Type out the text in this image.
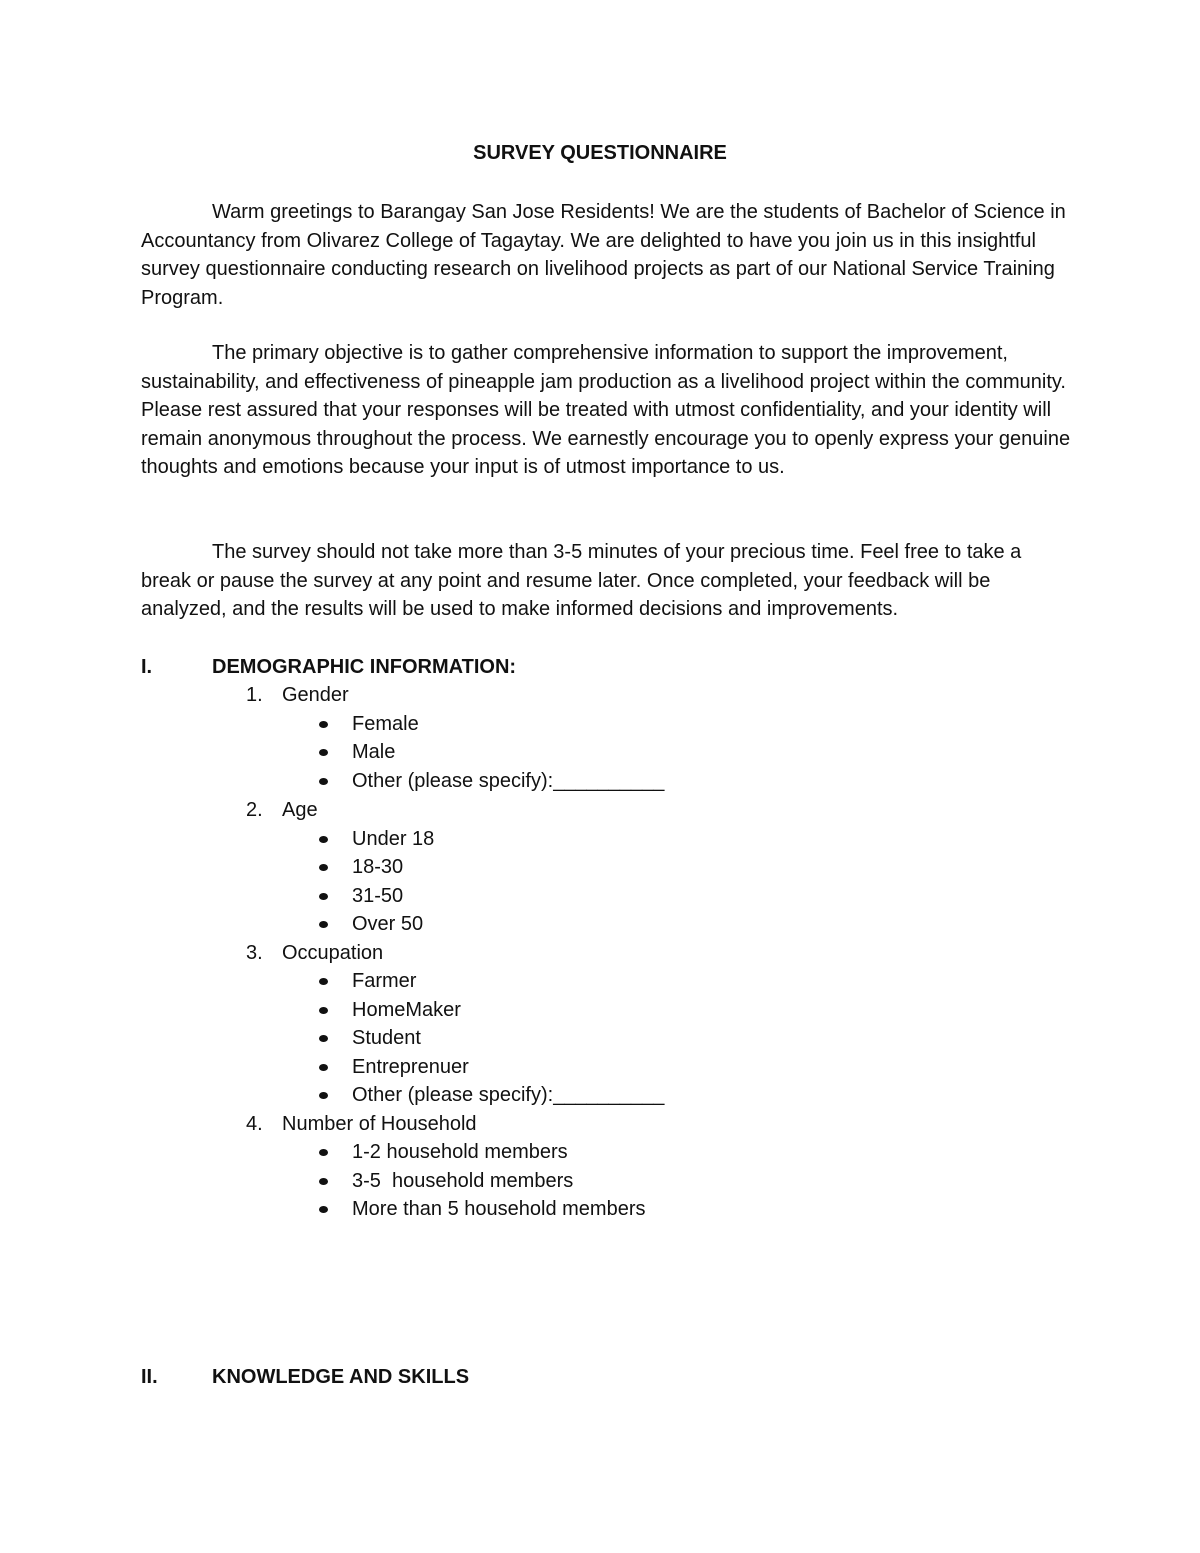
SURVEY QUESTIONNAIRE
Warm greetings to Barangay San Jose Residents! We are the students of Bachelor of Science in Accountancy from Olivarez College of Tagaytay. We are delighted to have you join us in this insightful survey questionnaire conducting research on livelihood projects as part of our National Service Training Program.
The primary objective is to gather comprehensive information to support the improvement, sustainability, and effectiveness of pineapple jam production as a livelihood project within the community. Please rest assured that your responses will be treated with utmost confidentiality, and your identity will remain anonymous throughout the process. We earnestly encourage you to openly express your genuine thoughts and emotions because your input is of utmost importance to us.
The survey should not take more than 3-5 minutes of your precious time. Feel free to take a break or pause the survey at any point and resume later. Once completed, your feedback will be analyzed, and the results will be used to make informed decisions and improvements.
I.	DEMOGRAPHIC INFORMATION:
1. Gender
Female
Male
Other (please specify):__________
2. Age
Under 18
18-30
31-50
Over 50
3. Occupation
Farmer
HomeMaker
Student
Entreprenuer
Other (please specify):__________
4. Number of Household
1-2 household members
3-5  household members
More than 5 household members
II.	KNOWLEDGE AND SKILLS
